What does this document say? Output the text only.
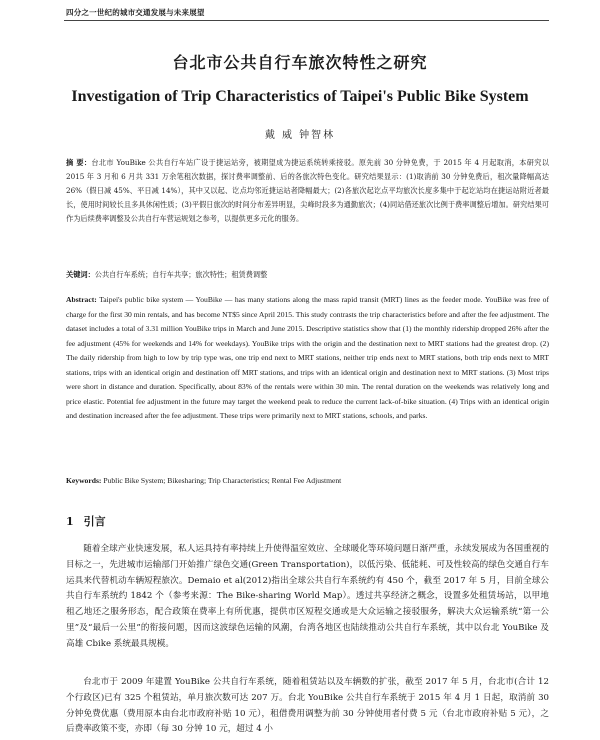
四分之一世纪的城市交通发展与未来展望
台北市公共自行车旅次特性之研究
Investigation of Trip Characteristics of Taipei's Public Bike System
戴 威 钟智林
摘 要：台北市 YouBike 公共自行车站广设于捷运站旁，被期望成为捷运系统转乘接驳。原先前 30 分钟免费，于 2015 年 4 月起取消，本研究以 2015 年 3 月和 6 月共 331 万余笔租次数据，探讨费率调整前、后的各旅次特色变化。研究结果显示：(1)取消前 30 分钟免费后，租次量降幅高达 26%（假日减 45%、平日减 14%），其中又以起、讫点均邻近捷运站者降幅最大；(2)各旅次起讫点平均旅次长度多集中于起讫站均在捷运站附近者最长，使用时间较长且多具休闲性质；(3)平假日旅次的时间分布差异明显，尖峰时段多为通勤旅次；(4)同站借还旅次比例于费率调整后增加。研究结果可作为后续费率调整及公共自行车营运规划之参考，以提供更多元化的服务。
关键词：公共自行车系统；自行车共享；旅次特性；租赁费调整
Abstract: Taipei's public bike system — YouBike — has many stations along the mass rapid transit (MRT) lines as the feeder mode. YouBike was free of charge for the first 30 min rentals, and has become NT$5 since April 2015. This study contrasts the trip characteristics before and after the fee adjustment. The dataset includes a total of 3.31 million YouBike trips in March and June 2015. Descriptive statistics show that (1) the monthly ridership dropped 26% after the fee adjustment (45% for weekends and 14% for weekdays). YouBike trips with the origin and the destination next to MRT stations had the greatest drop. (2) The daily ridership from high to low by trip type was, one trip end next to MRT stations, neither trip ends next to MRT stations, both trip ends next to MRT stations, trips with an identical origin and destination off MRT stations, and trips with an identical origin and destination next to MRT stations. (3) Most trips were short in distance and duration. Specifically, about 83% of the rentals were within 30 min. The rental duration on the weekends was relatively long and price elastic. Potential fee adjustment in the future may target the weekend peak to reduce the current lack-of-bike situation. (4) Trips with an identical origin and destination increased after the fee adjustment. These trips were primarily next to MRT stations, schools, and parks.
Keywords: Public Bike System; Bikesharing; Trip Characteristics; Rental Fee Adjustment
1 引言
随着全球产业快速发展，私人运具持有率持续上升使得温室效应、全球暖化等环境问题日渐严重，永续发展成为各国重视的目标之一，先进城市运输部门开始推广绿色交通(Green Transportation)，以低污染、低能耗、可及性较高的绿色交通自行车运具来代替机动车辆短程旅次。Demaio et al(2012)指出全球公共自行车系统约有 450 个，截至 2017 年 5 月，目前全球公共自行车系统约 1842 个（参考来源：The Bike-sharing World Map）。透过共享经济之概念，设置多处租赁场站，以甲地租乙地还之服务形态，配合政策在费率上有所优惠，提供市区短程交通或是大众运输之接驳服务，解决大众运输系统“第一公里”及“最后一公里”的衔接问题，因而这波绿色运输的风潮，台湾各地区也陆续推动公共自行车系统，其中以台北 YouBike 及高雄 Cbike 系统最具规模。
台北市于 2009 年建置 YouBike 公共自行车系统，随着租赁站以及车辆数的扩张，截至 2017 年 5 月，台北市(合计 12 个行政区)已有 325 个租赁站，单月旅次数可达 207 万。台北 YouBike 公共自行车系统于 2015 年 4 月 1 日起，取消前 30 分钟免费优惠（费用原本由台北市政府补贴 10 元），租借费用调整为前 30 分钟使用者付费 5 元（台北市政府补贴 5 元），之后费率政策不变，亦即（每 30 分钟 10 元，超过 4 小
